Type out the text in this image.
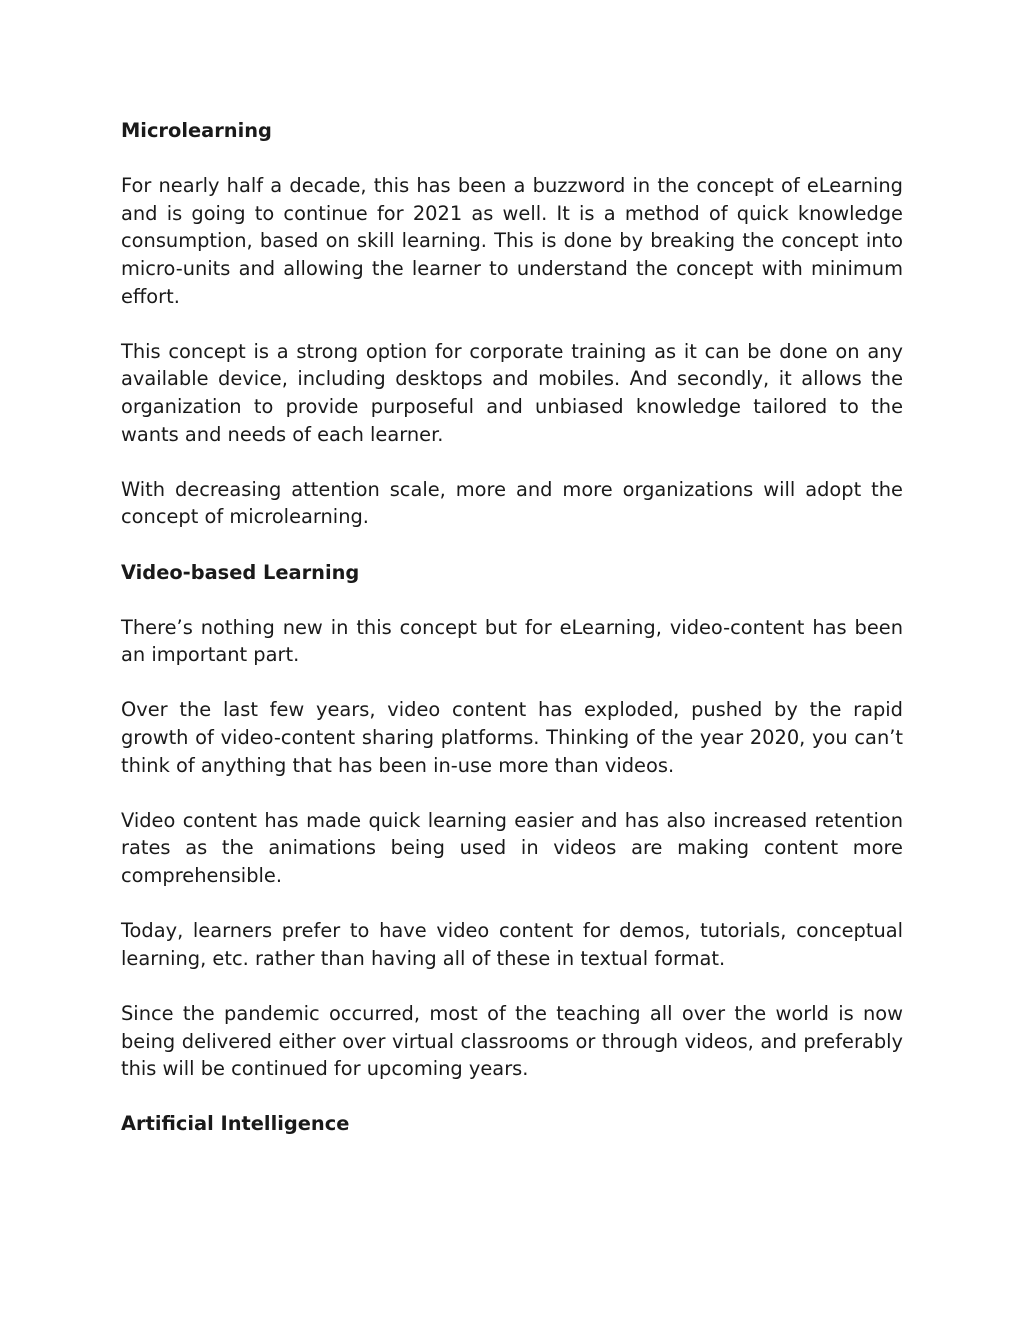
Microlearning

For nearly half a decade, this has been a buzzword in the concept of eLearning and is going to continue for 2021 as well. It is a method of quick knowledge consumption, based on skill learning. This is done by breaking the concept into micro-units and allowing the learner to understand the concept with minimum effort.

This concept is a strong option for corporate training as it can be done on any available device, including desktops and mobiles. And secondly, it allows the organization to provide purposeful and unbiased knowledge tailored to the wants and needs of each learner.

With decreasing attention scale, more and more organizations will adopt the concept of microlearning.

Video-based Learning

There’s nothing new in this concept but for eLearning, video-content has been an important part.

Over the last few years, video content has exploded, pushed by the rapid growth of video-content sharing platforms. Thinking of the year 2020, you can’t think of anything that has been in-use more than videos.

Video content has made quick learning easier and has also increased retention rates as the animations being used in videos are making content more comprehensible.

Today, learners prefer to have video content for demos, tutorials, conceptual learning, etc. rather than having all of these in textual format.

Since the pandemic occurred, most of the teaching all over the world is now being delivered either over virtual classrooms or through videos, and preferably this will be continued for upcoming years.

Artificial Intelligence
